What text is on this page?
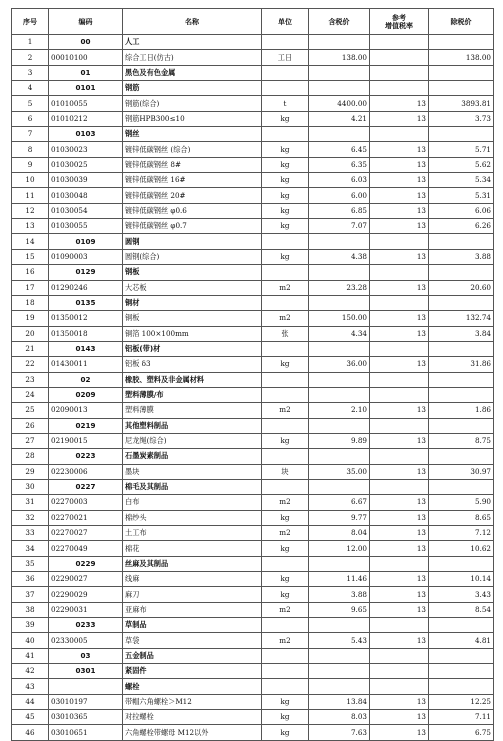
序号	编码	名称	单位	含税价	参考
增值税率	除税价
1	00	人工				
2	00010100	综合工日(仿古)	工日	138.00		138.00
3	01	黑色及有色金属				
4	0101	钢筋				
5	01010055	钢筋(综合)	t	4400.00	13	3893.81
6	01010212	钢筋HPB300≤10	kg	4.21	13	3.73
7	0103	钢丝				
8	01030023	镀锌低碳钢丝 (综合)	kg	6.45	13	5.71
9	01030025	镀锌低碳钢丝 8#	kg	6.35	13	5.62
10	01030039	镀锌低碳钢丝 16#	kg	6.03	13	5.34
11	01030048	镀锌低碳钢丝 20#	kg	6.00	13	5.31
12	01030054	镀锌低碳钢丝 φ0.6	kg	6.85	13	6.06
13	01030055	镀锌低碳钢丝 φ0.7	kg	7.07	13	6.26
14	0109	圆钢				
15	01090003	圆钢(综合)	kg	4.38	13	3.88
16	0129	钢板				
17	01290246	大芯板	m2	23.28	13	20.60
18	0135	铜材				
19	01350012	铜板	m2	150.00	13	132.74
20	01350018	铜箔 100×100mm	张	4.34	13	3.84
21	0143	铝板(带)材				
22	01430011	铝板 δ3	kg	36.00	13	31.86
23	02	橡胶、塑料及非金属材料				
24	0209	塑料薄膜/布				
25	02090013	塑料薄膜	m2	2.10	13	1.86
26	0219	其他塑料制品				
27	02190015	尼龙绳(综合)	kg	9.89	13	8.75
28	0223	石墨炭素制品				
29	02230006	墨块	块	35.00	13	30.97
30	0227	棉毛及其制品				
31	02270003	白布	m2	6.67	13	5.90
32	02270021	棉纱头	kg	9.77	13	8.65
33	02270027	土工布	m2	8.04	13	7.12
34	02270049	棉花	kg	12.00	13	10.62
35	0229	丝麻及其制品				
36	02290027	线麻	kg	11.46	13	10.14
37	02290029	麻刀	kg	3.88	13	3.43
38	02290031	亚麻布	m2	9.65	13	8.54
39	0233	草制品				
40	02330005	草袋	m2	5.43	13	4.81
41	03	五金制品				
42	0301	紧固件				
43		螺栓				
44	03010197	带帽六角螺栓＞M12	kg	13.84	13	12.25
45	03010365	对拉螺栓	kg	8.03	13	7.11
46	03010651	六角螺栓带螺母 M12以外	kg	7.63	13	6.75
